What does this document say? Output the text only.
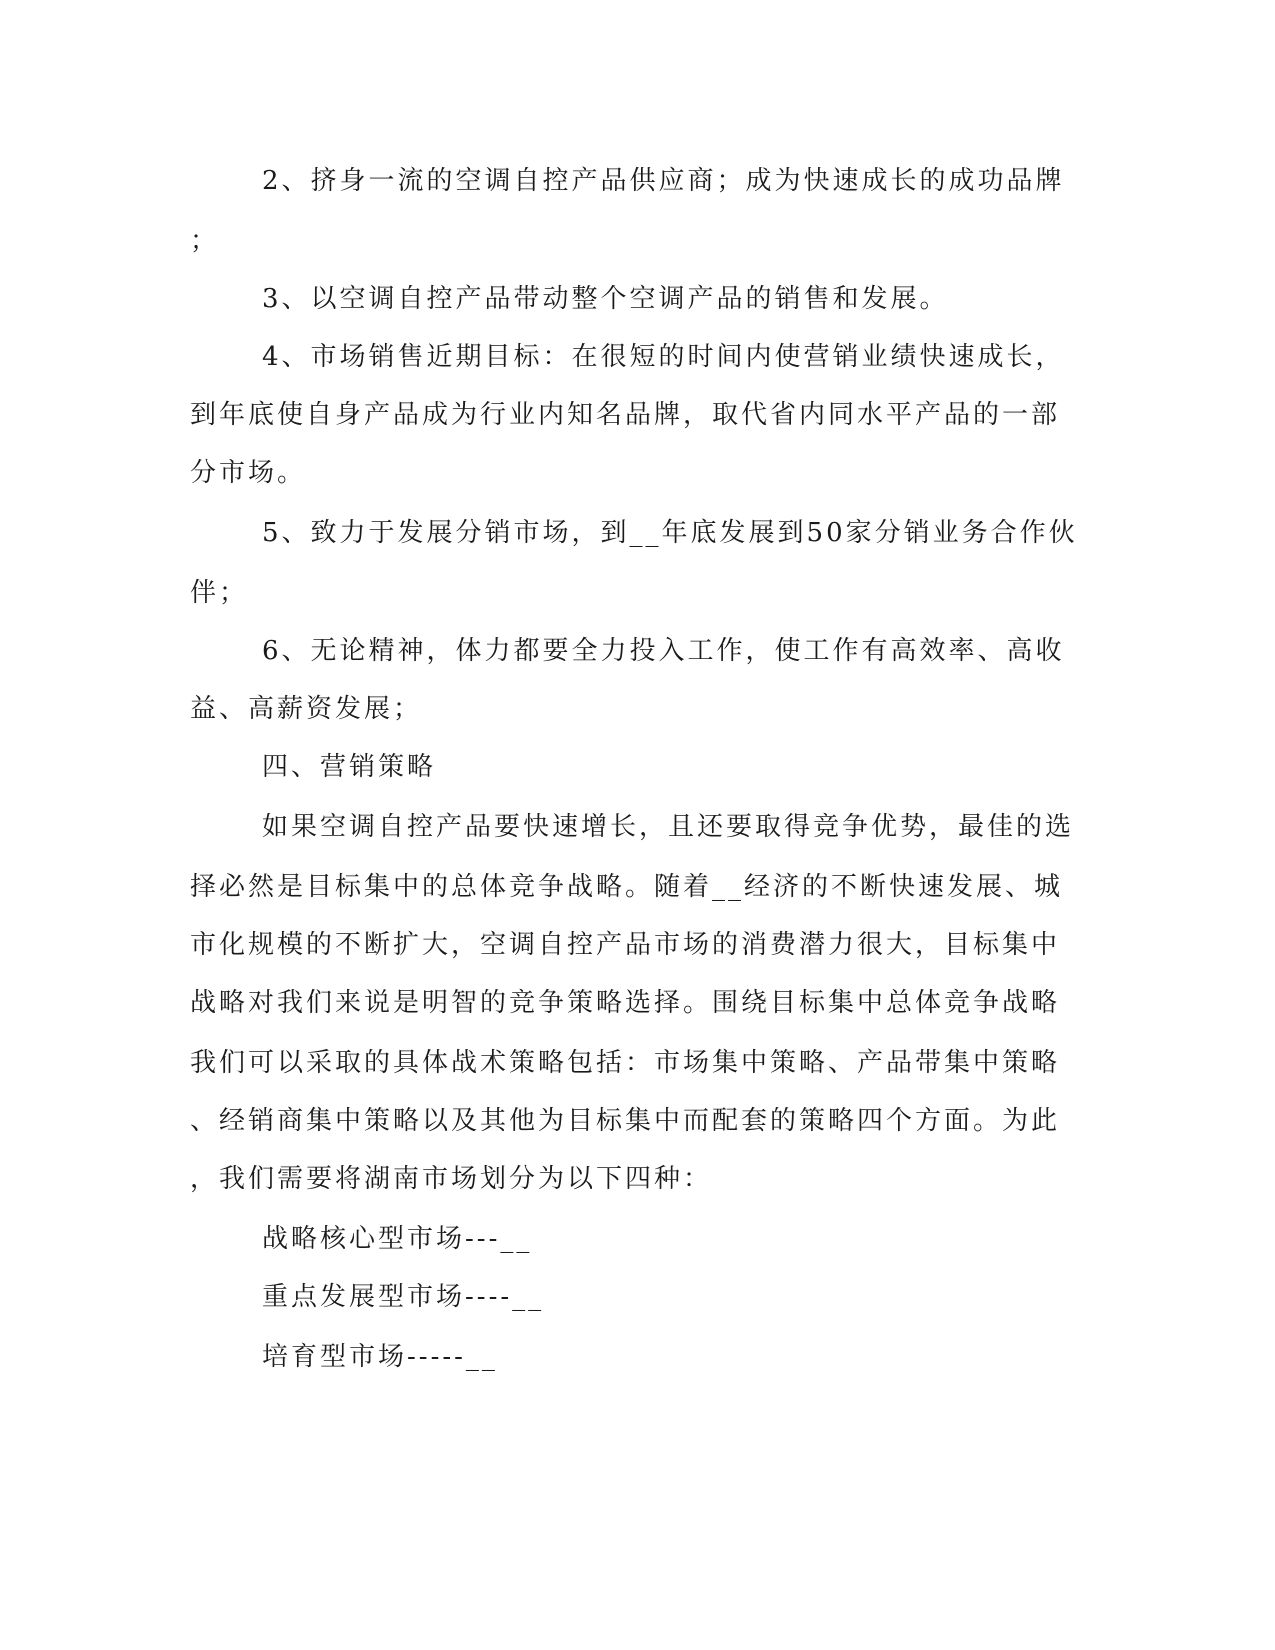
2、挤身一流的空调自控产品供应商；成为快速成长的成功品牌
；
3、以空调自控产品带动整个空调产品的销售和发展。
4、市场销售近期目标：在很短的时间内使营销业绩快速成长，
到年底使自身产品成为行业内知名品牌，取代省内同水平产品的一部
分市场。
5、致力于发展分销市场，到__年底发展到50家分销业务合作伙
伴；
6、无论精神，体力都要全力投入工作，使工作有高效率、高收
益、高薪资发展；
四、营销策略
如果空调自控产品要快速增长，且还要取得竞争优势，最佳的选
择必然是目标集中的总体竞争战略。随着__经济的不断快速发展、城
市化规模的不断扩大，空调自控产品市场的消费潜力很大，目标集中
战略对我们来说是明智的竞争策略选择。围绕目标集中总体竞争战略
我们可以采取的具体战术策略包括：市场集中策略、产品带集中策略
、经销商集中策略以及其他为目标集中而配套的策略四个方面。为此
，我们需要将湖南市场划分为以下四种：
战略核心型市场---__
重点发展型市场----__
培育型市场-----__
